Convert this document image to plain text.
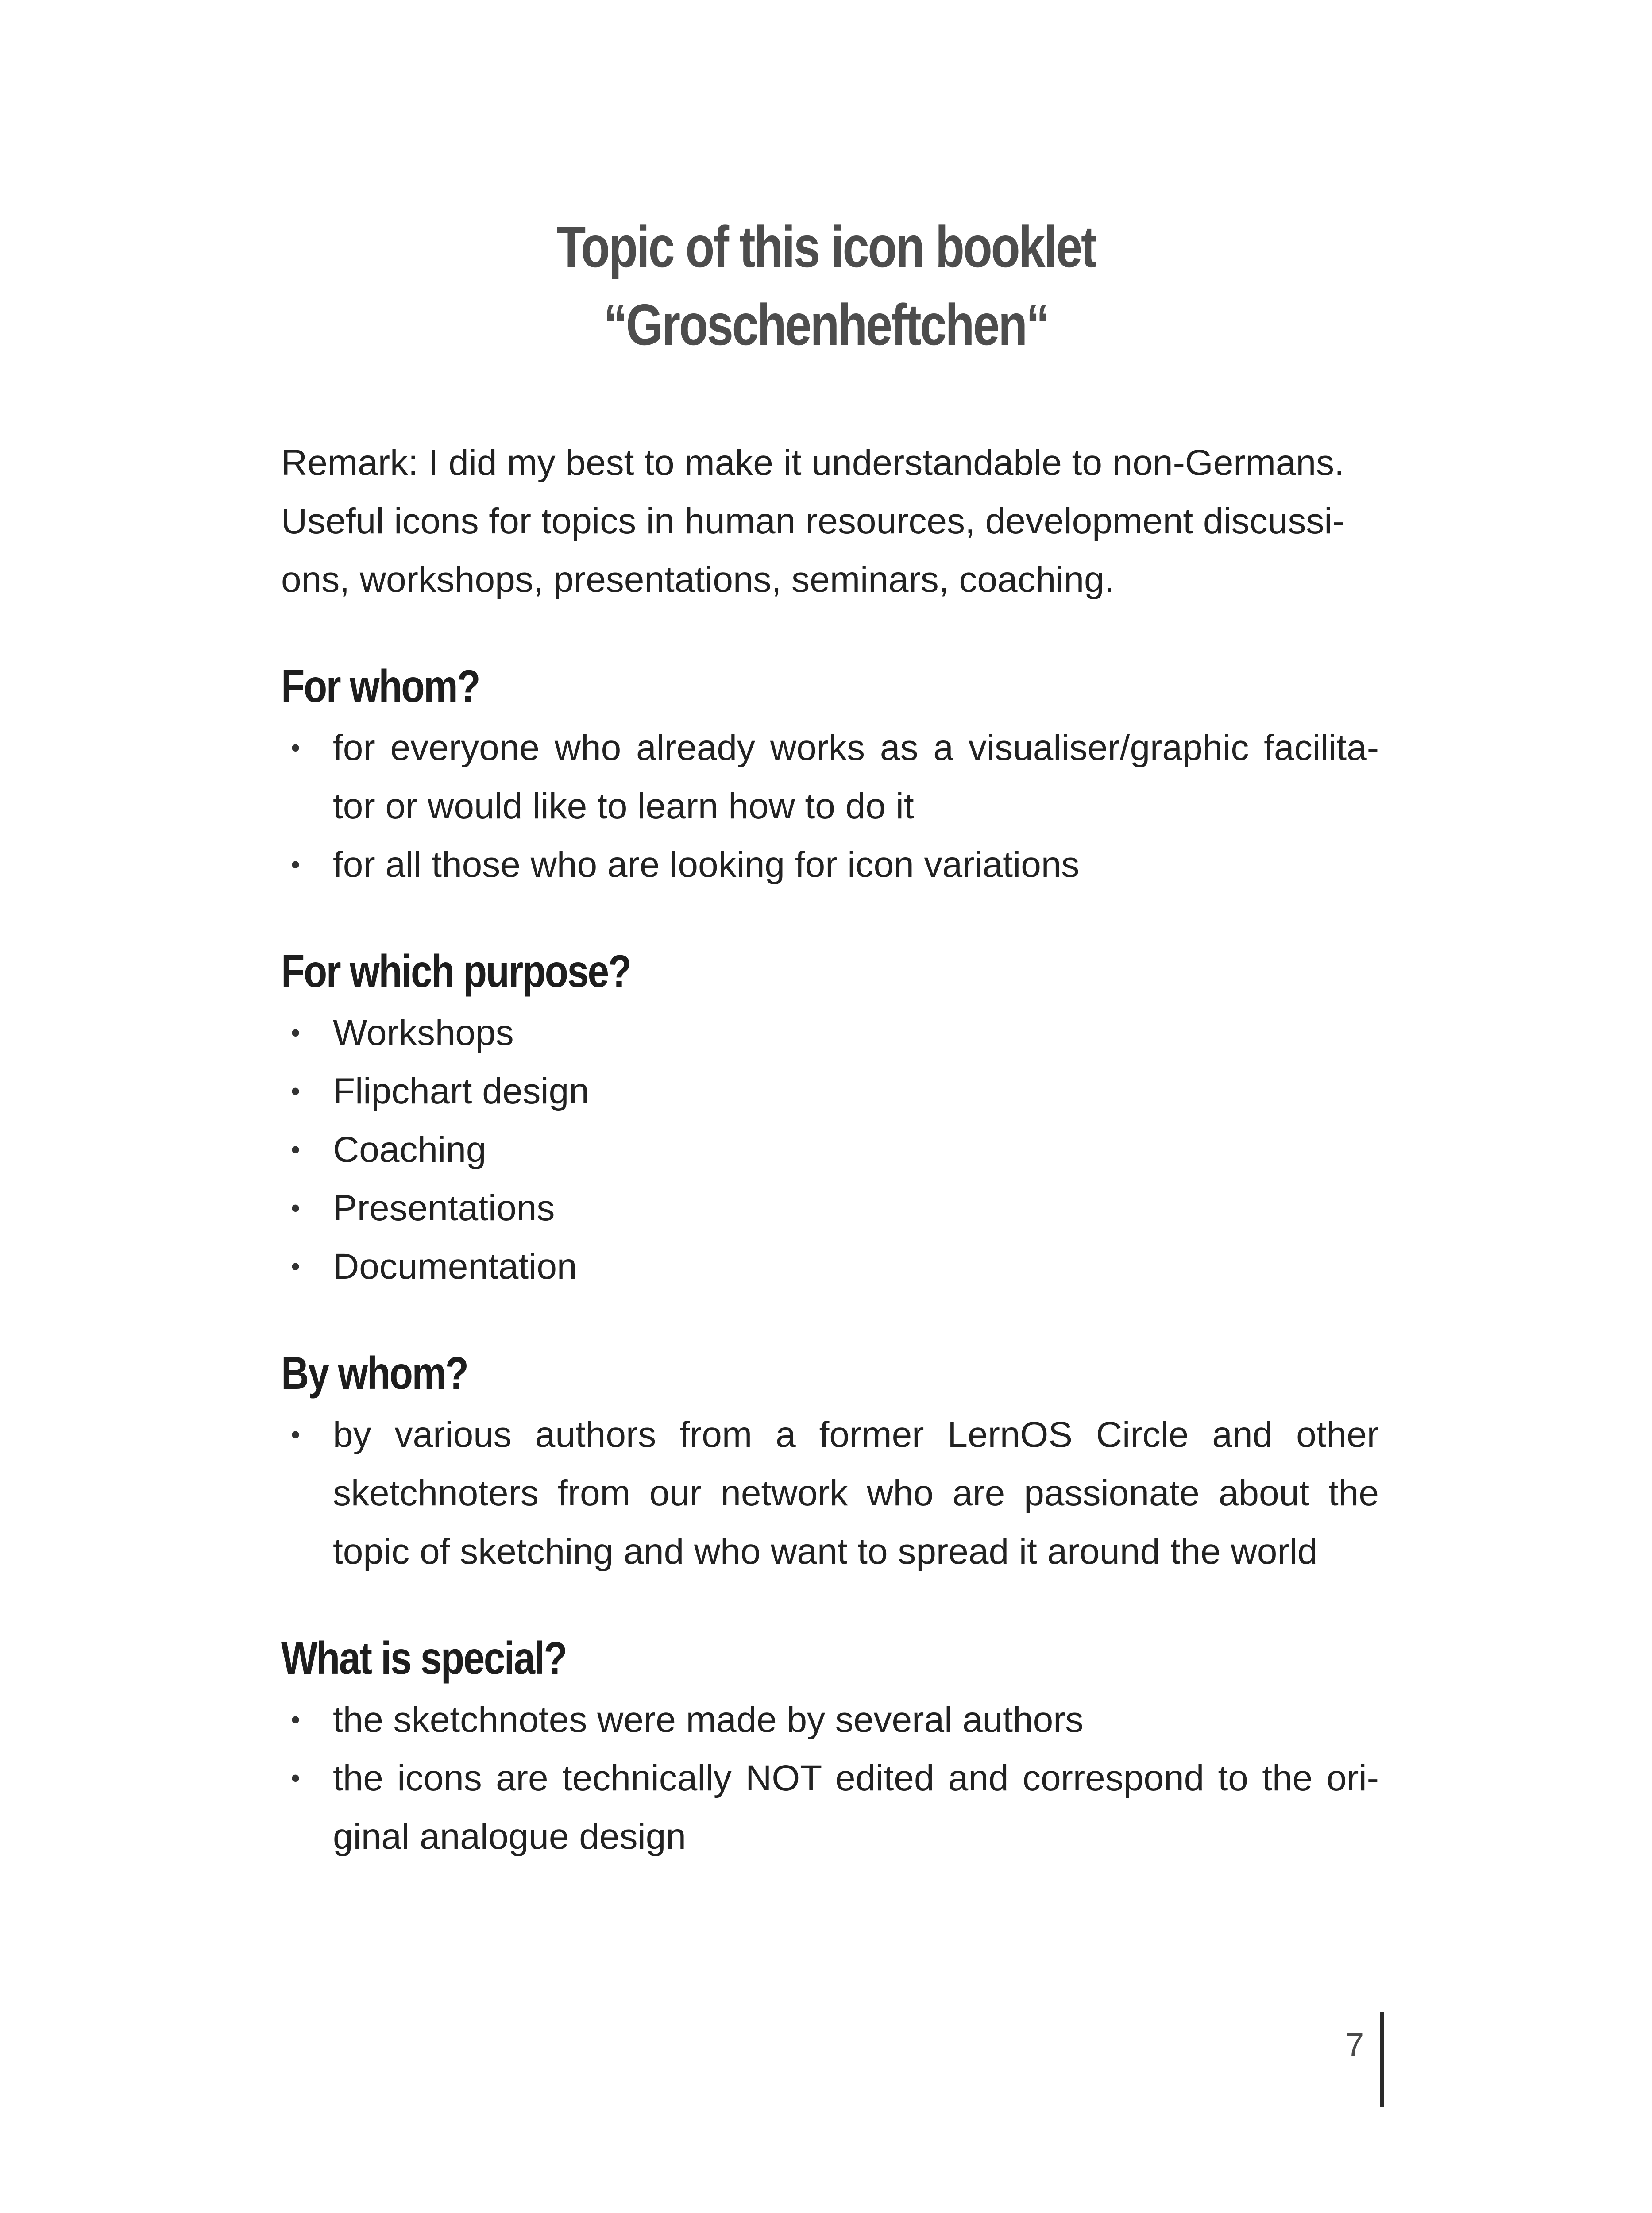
Topic of this icon booklet
“Groschenheftchen“

Remark: I did my best to make it understandable to non-Germans.
Useful icons for topics in human resources, development discussi-
ons, workshops, presentations, seminars, coaching.

For whom?
• for everyone who already works as a visualiser/graphic facilita-
tor or would like to learn how to do it
• for all those who are looking for icon variations
For which purpose?
• Workshops
• Flipchart design
• Coaching
• Presentations
• Documentation
By whom?
• by various authors from a former LernOS Circle and other
sketchnoters from our network who are passionate about the
topic of sketching and who want to spread it around the world
What is special?
• the sketchnotes were made by several authors
• the icons are technically NOT edited and correspond to the ori-
ginal analogue design
7
